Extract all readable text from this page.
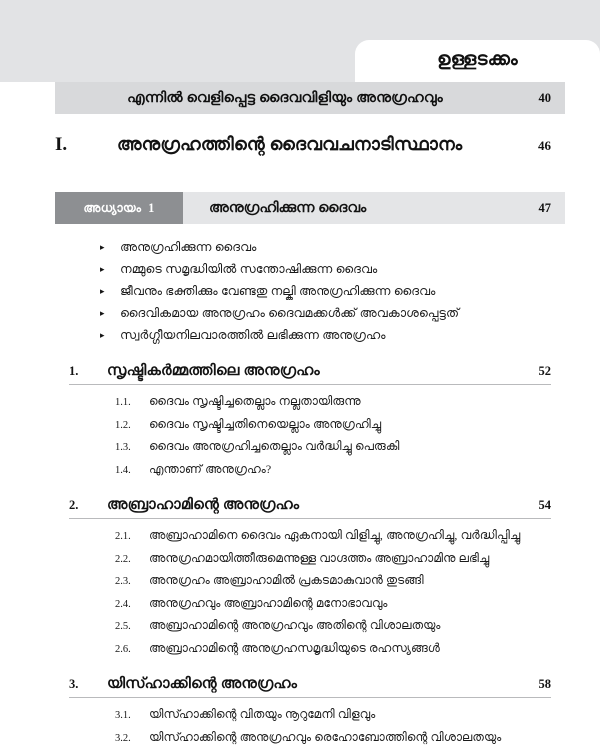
ഉള്ളടക്കം
എന്നിൽ വെളിപ്പെട്ട ദൈവവിളിയും അനുഗ്രഹവും	40
I.	അനുഗ്രഹത്തിന്റെ ദൈവവചനാടിസ്ഥാനം	46
അധ്യായം 1	അനുഗ്രഹിക്കുന്ന ദൈവം	47
▸	അനുഗ്രഹിക്കുന്ന ദൈവം
▸	നമ്മുടെ സമൃദ്ധിയിൽ സന്തോഷിക്കുന്ന ദൈവം
▸	ജീവനും ഭക്തിക്കും വേണ്ടതു നല്കി അനുഗ്രഹിക്കുന്ന ദൈവം
▸	ദൈവികമായ അനുഗ്രഹം ദൈവമക്കൾക്ക് അവകാശപ്പെട്ടത്
▸	സ്വർഗ്ഗീയനിലവാരത്തിൽ ലഭിക്കുന്ന അനുഗ്രഹം
1.	സൃഷ്ടികർമ്മത്തിലെ അനുഗ്രഹം	52
1.1.	ദൈവം സൃഷ്ടിച്ചതെല്ലാം നല്ലതായിരുന്നു
1.2.	ദൈവം സൃഷ്ടിച്ചതിനെയെല്ലാം അനുഗ്രഹിച്ചു
1.3.	ദൈവം അനുഗ്രഹിച്ചതെല്ലാം വർദ്ധിച്ചു പെരുകി
1.4.	എന്താണ് അനുഗ്രഹം?
2.	അബ്രാഹാമിന്റെ അനുഗ്രഹം	54
2.1.	അബ്രാഹാമിനെ ദൈവം ഏകനായി വിളിച്ചു, അനുഗ്രഹിച്ചു, വർദ്ധിപ്പിച്ചു
2.2.	അനുഗ്രഹമായിത്തീരുമെന്നുള്ള വാഗ്ദത്തം അബ്രാഹാമിനു ലഭിച്ചു
2.3.	അനുഗ്രഹം അബ്രാഹാമിൽ പ്രകടമാകുവാൻ തുടങ്ങി
2.4.	അനുഗ്രഹവും അബ്രാഹാമിന്റെ മനോഭാവവും
2.5.	അബ്രാഹാമിന്റെ അനുഗ്രഹവും അതിന്റെ വിശാലതയും
2.6.	അബ്രാഹാമിന്റെ അനുഗ്രഹസമൃദ്ധിയുടെ രഹസ്യങ്ങൾ
3.	യിസ്ഹാക്കിന്റെ അനുഗ്രഹം	58
3.1.	യിസ്ഹാക്കിന്റെ വിതയും നൂറുമേനി വിളവും
3.2.	യിസ്ഹാക്കിന്റെ അനുഗ്രഹവും രെഹോബോത്തിന്റെ വിശാലതയും
